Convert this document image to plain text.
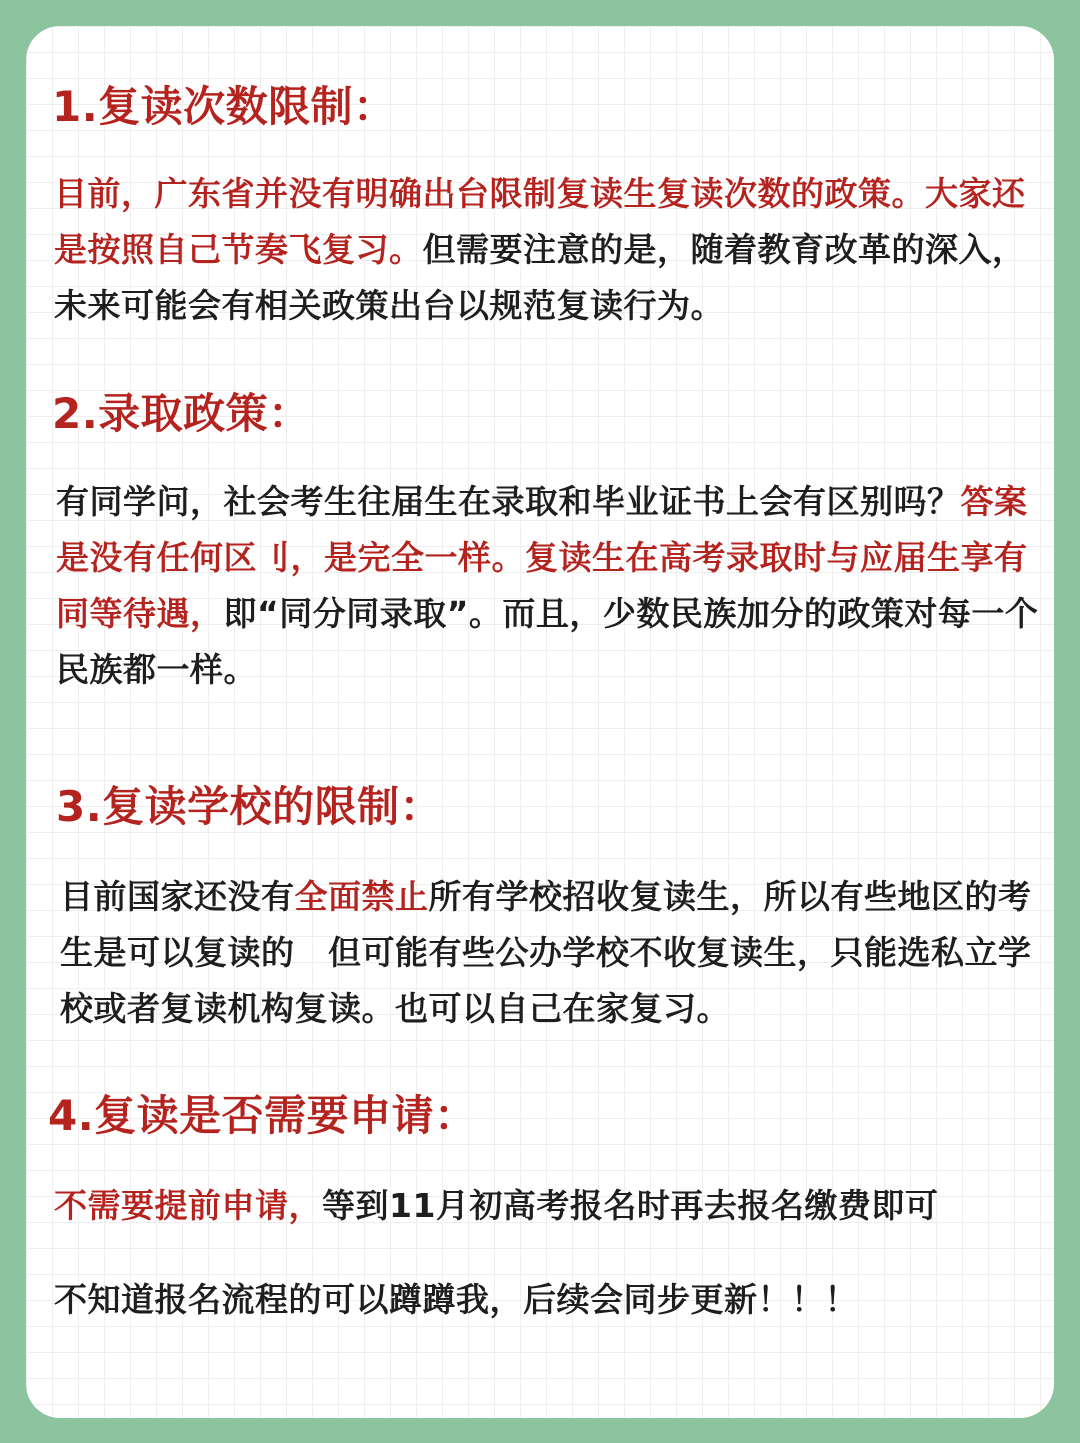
1.复读次数限制：

目前，广东省并没有明确出台限制复读生复读次数的政策。大家还是按照自己节奏飞复习。但需要注意的是，随着教育改革的深入，未来可能会有相关政策出台以规范复读行为。

2.录取政策：

有同学问，社会考生往届生在录取和毕业证书上会有区别吗？答案是没有任何区刂，是完全一样。复读生在高考录取时与应届生享有同等待遇，即“同分同录取”。而且，少数民族加分的政策对每一个民族都一样。

3.复读学校的限制：

目前国家还没有全面禁止所有学校招收复读生，所以有些地区的考生是可以复读的　但可能有些公办学校不收复读生，只能选私立学校或者复读机构复读。也可以自己在家复习。

4.复读是否需要申请：

不需要提前申请，等到11月初高考报名时再去报名缴费即可

不知道报名流程的可以蹲蹲我，后续会同步更新！！！
